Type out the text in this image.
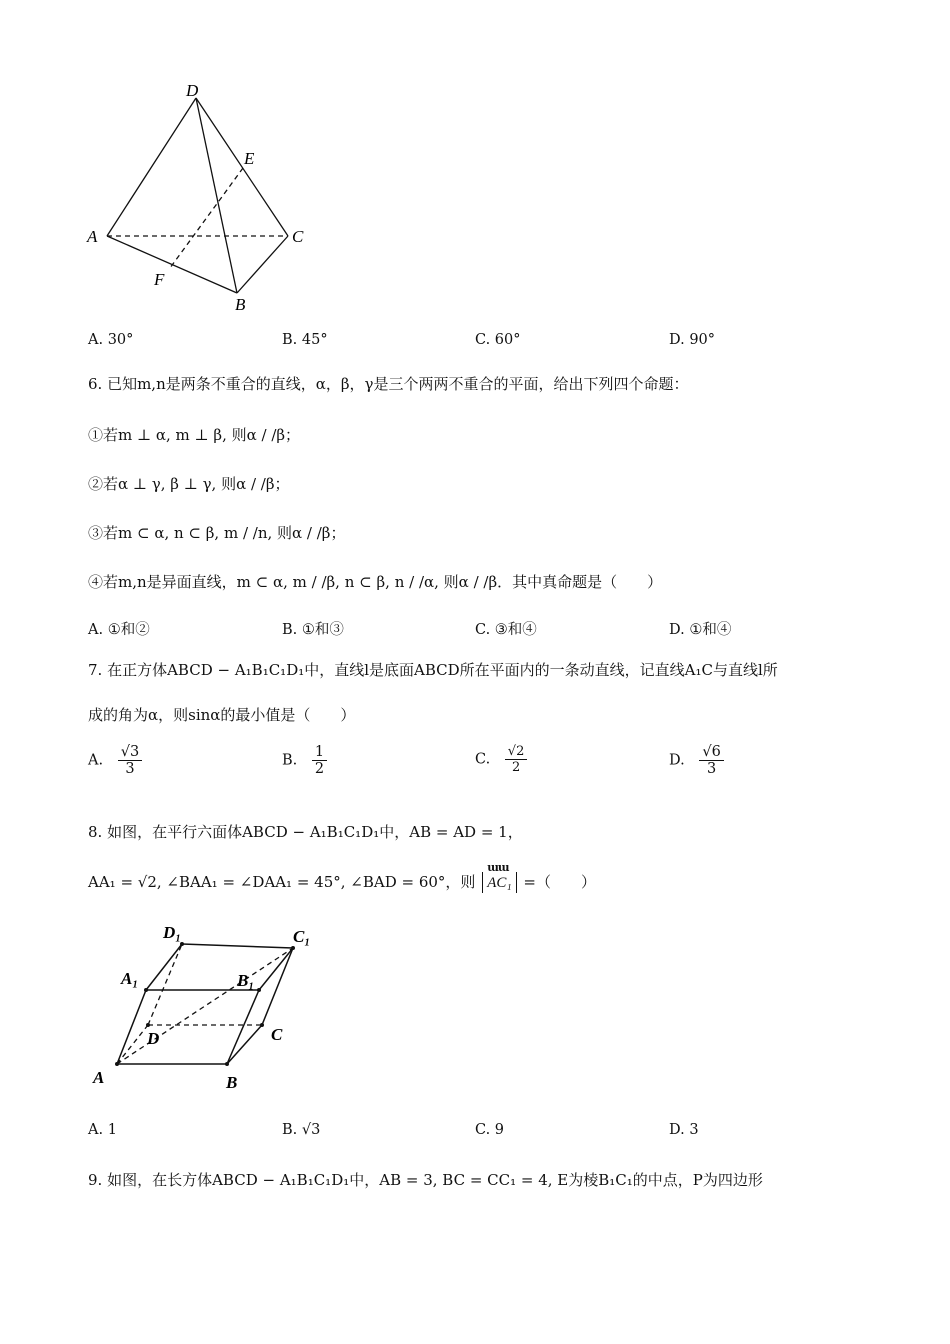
D
E
A	C
F
B
A. 30°	B. 45°	C. 60°	D. 90°
6. 已知m,n是两条不重合的直线，α，β，γ是三个两两不重合的平面，给出下列四个命题：
①若m ⊥ α, m ⊥ β, 则α / /β；
②若α ⊥ γ, β ⊥ γ, 则α / /β；
③若m ⊂ α, n ⊂ β, m / /n, 则α / /β；
④若m,n是异面直线，m ⊂ α, m / /β, n ⊂ β, n / /α, 则α / /β．其中真命题是（　　）
A. ①和②	B. ①和③	C. ③和④	D. ①和④
7. 在正方体ABCD − A₁B₁C₁D₁中，直线l是底面ABCD所在平面内的一条动直线，记直线A₁C与直线l所
成的角为α，则sinα的最小值是（　　）
A. $\frac{√3}{3}$	B. $\frac{1}{2}$	C. $\frac{√2}{2}$	D. $\frac{√6}{3}$
8. 如图，在平行六面体ABCD − A₁B₁C₁D₁中，AB = AD = 1，
AA₁ = √2, ∠BAA₁ = ∠DAA₁ = 45°, ∠BAD = 60°，则
ɯɯ
AC₁ =（　　）
D₁	C₁
A₁	B₁
D	C
A	B
A. 1	B. √3	C. 9	D. 3
9. 如图，在长方体ABCD − A₁B₁C₁D₁中，AB = 3, BC = CC₁ = 4, E为棱B₁C₁的中点，P为四边形
